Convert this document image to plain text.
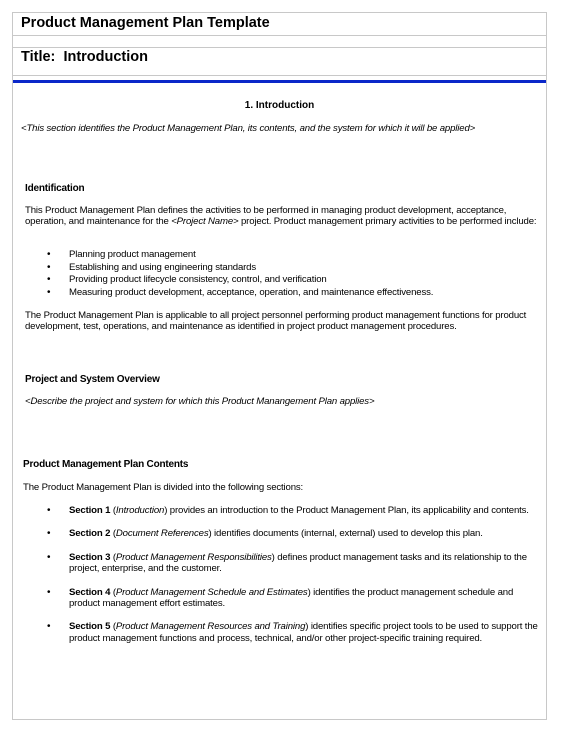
Product Management Plan Template
Title: Introduction
1. Introduction
<This section identifies the Product Management Plan, its contents, and the system for which it will be applied>
Identification
This Product Management Plan defines the activities to be performed in managing product development, acceptance, operation, and maintenance for the <Project Name> project. Product management primary activities to be performed include:
• Planning product management
• Establishing and using engineering standards
• Providing product lifecycle consistency, control, and verification
• Measuring product development, acceptance, operation, and maintenance effectiveness.
The Product Management Plan is applicable to all project personnel performing product management functions for product development, test, operations, and maintenance as identified in project product management procedures.
Project and System Overview
<Describe the project and system for which this Product Manangement Plan applies>
Product Management Plan Contents
The Product Management Plan is divided into the following sections:
• Section 1 (Introduction) provides an introduction to the Product Management Plan, its applicability and contents.
• Section 2 (Document References) identifies documents (internal, external) used to develop this plan.
• Section 3 (Product Management Responsibilities) defines product management tasks and its relationship to the project, enterprise, and the customer.
• Section 4 (Product Management Schedule and Estimates) identifies the product management schedule and product management effort estimates.
• Section 5 (Product Management Resources and Training) identifies specific project tools to be used to support the product management functions and process, technical, and/or other project-specific training required.
